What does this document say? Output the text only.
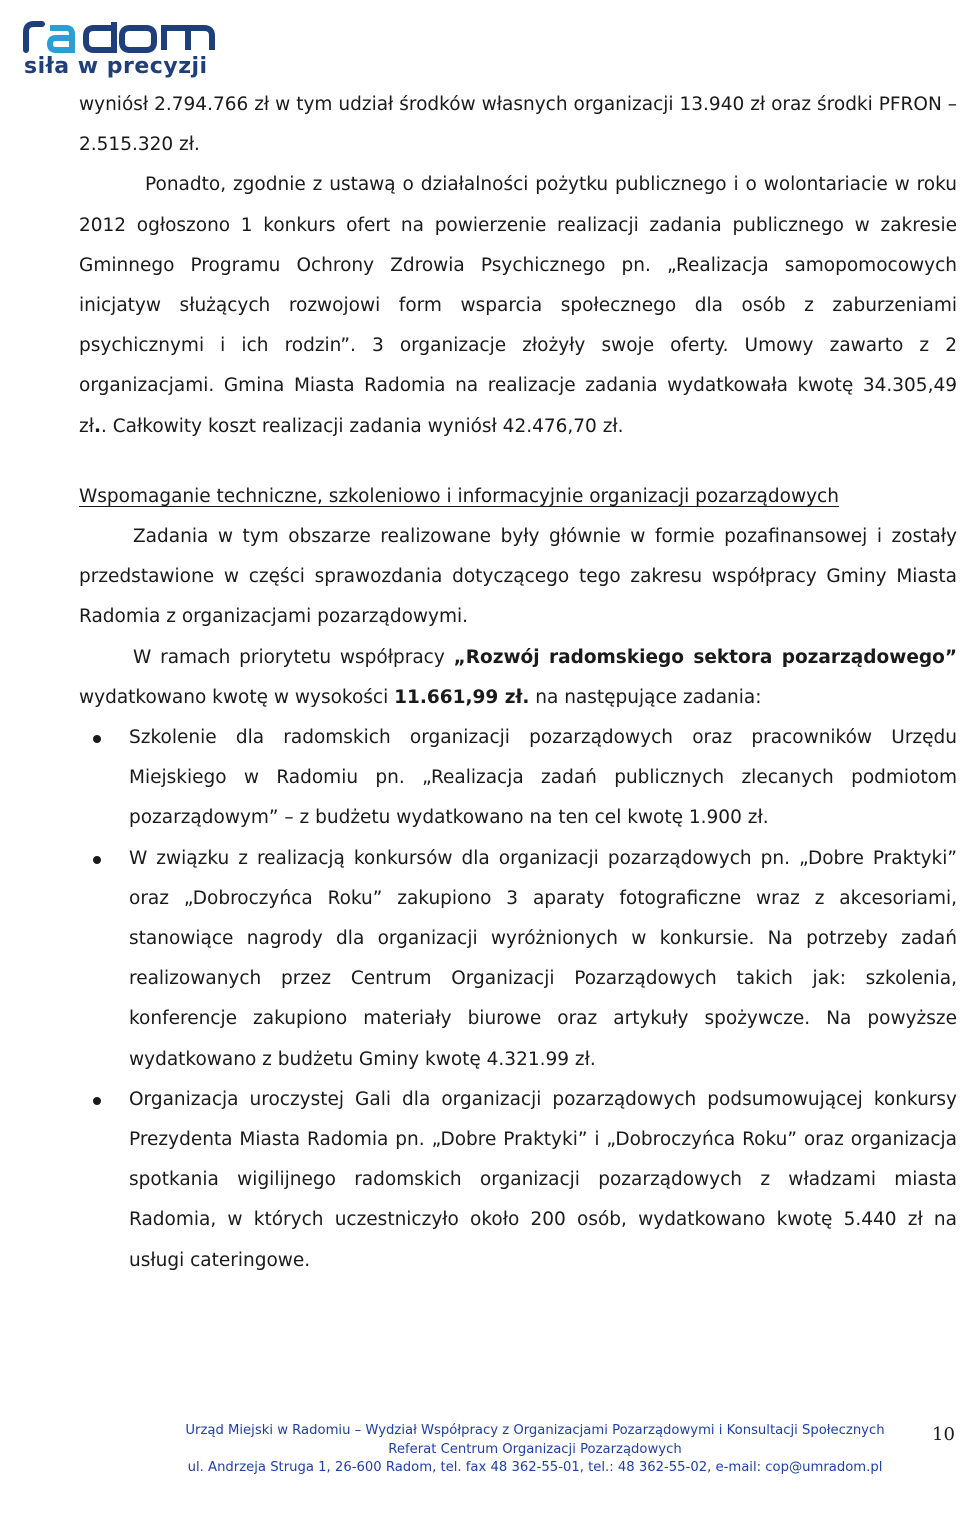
siła w precyzji

wyniósł 2.794.766 zł w tym udział środków własnych organizacji 13.940 zł oraz środki PFRON – 2.515.320 zł.

Ponadto, zgodnie z ustawą o działalności pożytku publicznego i o wolontariacie w roku 2012 ogłoszono 1 konkurs ofert na powierzenie realizacji zadania publicznego w zakresie Gminnego Programu Ochrony Zdrowia Psychicznego pn. „Realizacja samopomocowych inicjatyw służących rozwojowi form wsparcia społecznego dla osób z zaburzeniami psychicznymi i ich rodzin”. 3 organizacje złożyły swoje oferty. Umowy zawarto z 2 organizacjami. Gmina Miasta Radomia na realizacje zadania wydatkowała kwotę 34.305,49 zł.. Całkowity koszt realizacji zadania wyniósł 42.476,70 zł.

Wspomaganie techniczne, szkoleniowo i informacyjnie organizacji pozarządowych

Zadania w tym obszarze realizowane były głównie w formie pozafinansowej i zostały przedstawione w części sprawozdania dotyczącego tego zakresu współpracy Gminy Miasta Radomia z organizacjami pozarządowymi.

W ramach priorytetu współpracy „Rozwój radomskiego sektora pozarządowego” wydatkowano kwotę w wysokości 11.661,99 zł. na następujące zadania:

Szkolenie dla radomskich organizacji pozarządowych oraz pracowników Urzędu Miejskiego w Radomiu pn. „Realizacja zadań publicznych zlecanych podmiotom pozarządowym” – z budżetu wydatkowano na ten cel kwotę 1.900 zł.
W związku z realizacją konkursów dla organizacji pozarządowych pn. „Dobre Praktyki” oraz „Dobroczyńca Roku” zakupiono 3 aparaty fotograficzne wraz z akcesoriami, stanowiące nagrody dla organizacji wyróżnionych w konkursie. Na potrzeby zadań realizowanych przez Centrum Organizacji Pozarządowych takich jak: szkolenia, konferencje zakupiono materiały biurowe oraz artykuły spożywcze. Na powyższe wydatkowano z budżetu Gminy kwotę 4.321.99 zł.
Organizacja uroczystej Gali dla organizacji pozarządowych podsumowującej konkursy Prezydenta Miasta Radomia pn. „Dobre Praktyki” i „Dobroczyńca Roku” oraz organizacja spotkania wigilijnego radomskich organizacji pozarządowych z władzami miasta Radomia, w których uczestniczyło około 200 osób, wydatkowano kwotę 5.440 zł na usługi cateringowe.
Urząd Miejski w Radomiu – Wydział Współpracy z Organizacjami Pozarządowymi i Konsultacji Społecznych
Referat Centrum Organizacji Pozarządowych
ul. Andrzeja Struga 1, 26-600 Radom, tel. fax 48 362-55-01, tel.: 48 362-55-02, e-mail: cop@umradom.pl
10
